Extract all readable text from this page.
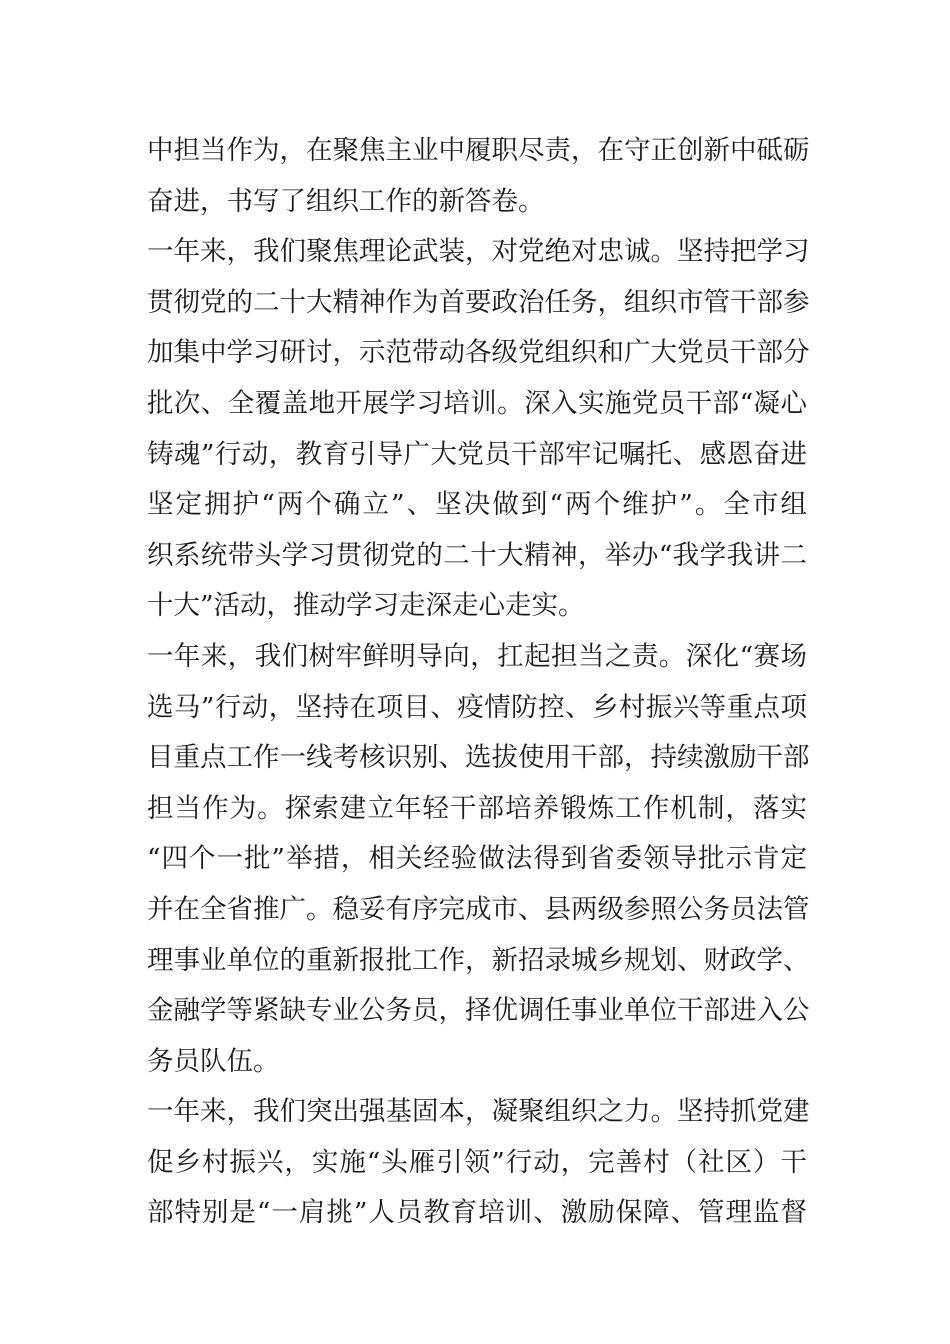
中担当作为，在聚焦主业中履职尽责，在守正创新中砥砺
奋进，书写了组织工作的新答卷。
一年来，我们聚焦理论武装，对党绝对忠诚。坚持把学习
贯彻党的二十大精神作为首要政治任务，组织市管干部参
加集中学习研讨，示范带动各级党组织和广大党员干部分
批次、全覆盖地开展学习培训。深入实施党员干部“凝心
铸魂”行动，教育引导广大党员干部牢记嘱托、感恩奋进
坚定拥护“两个确立”、坚决做到“两个维护”。全市组
织系统带头学习贯彻党的二十大精神，举办“我学我讲二
十大”活动，推动学习走深走心走实。
一年来，我们树牢鲜明导向，扛起担当之责。深化“赛场
选马”行动，坚持在项目、疫情防控、乡村振兴等重点项
目重点工作一线考核识别、选拔使用干部，持续激励干部
担当作为。探索建立年轻干部培养锻炼工作机制，落实
“四个一批”举措，相关经验做法得到省委领导批示肯定
并在全省推广。稳妥有序完成市、县两级参照公务员法管
理事业单位的重新报批工作，新招录城乡规划、财政学、
金融学等紧缺专业公务员，择优调任事业单位干部进入公
务员队伍。
一年来，我们突出强基固本，凝聚组织之力。坚持抓党建
促乡村振兴，实施“头雁引领”行动，完善村（社区）干
部特别是“一肩挑”人员教育培训、激励保障、管理监督
